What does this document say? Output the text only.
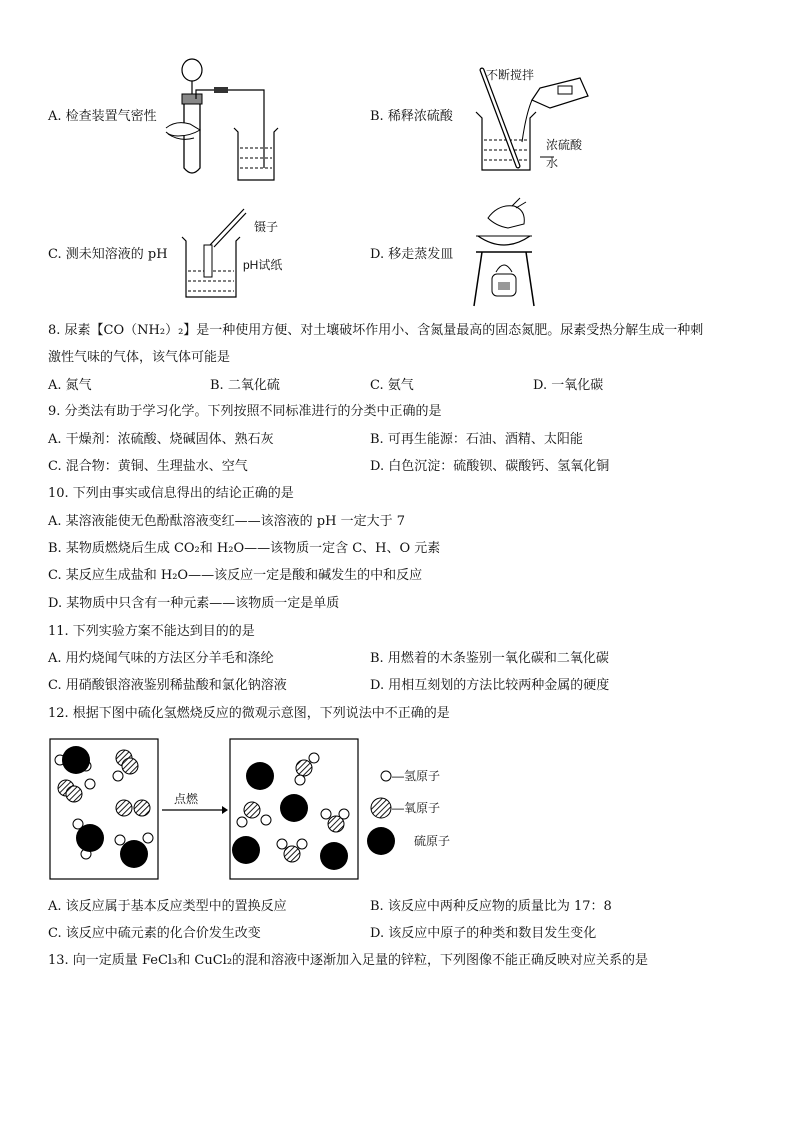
A. 检查装置气密性	B. 稀释浓硫酸
不断搅拌
浓硫酸
水
C. 测未知溶液的 pH
镊子
pH试纸
D. 移走蒸发皿
8. 尿素【CO（NH₂）₂】是一种使用方便、对土壤破坏作用小、含氮量最高的固态氮肥。尿素受热分解生成一种刺
激性气味的气体，该气体可能是
A. 氮气	B. 二氧化硫	C. 氨气	D. 一氧化碳
9. 分类法有助于学习化学。下列按照不同标准进行的分类中正确的是
A. 干燥剂：浓硫酸、烧碱固体、熟石灰	B. 可再生能源：石油、酒精、太阳能
C. 混合物：黄铜、生理盐水、空气	D. 白色沉淀：硫酸钡、碳酸钙、氢氧化铜
10. 下列由事实或信息得出的结论正确的是
A. 某溶液能使无色酚酞溶液变红——该溶液的 pH 一定大于 7
B. 某物质燃烧后生成 CO₂和 H₂O——该物质一定含 C、H、O 元素
C. 某反应生成盐和 H₂O——该反应一定是酸和碱发生的中和反应
D. 某物质中只含有一种元素——该物质一定是单质
11. 下列实验方案不能达到目的的是
A. 用灼烧闻气味的方法区分羊毛和涤纶	B. 用燃着的木条鉴别一氧化碳和二氧化碳
C. 用硝酸银溶液鉴别稀盐酸和氯化钠溶液	D. 用相互刻划的方法比较两种金属的硬度
12. 根据下图中硫化氢燃烧反应的微观示意图，下列说法中不正确的是
点燃
—氢原子
—氧原子
硫原子
A. 该反应属于基本反应类型中的置换反应	B. 该反应中两种反应物的质量比为 17：8
C. 该反应中硫元素的化合价发生改变	D. 该反应中原子的种类和数目发生变化
13. 向一定质量 FeCl₃和 CuCl₂的混和溶液中逐渐加入足量的锌粒，下列图像不能正确反映对应关系的是
